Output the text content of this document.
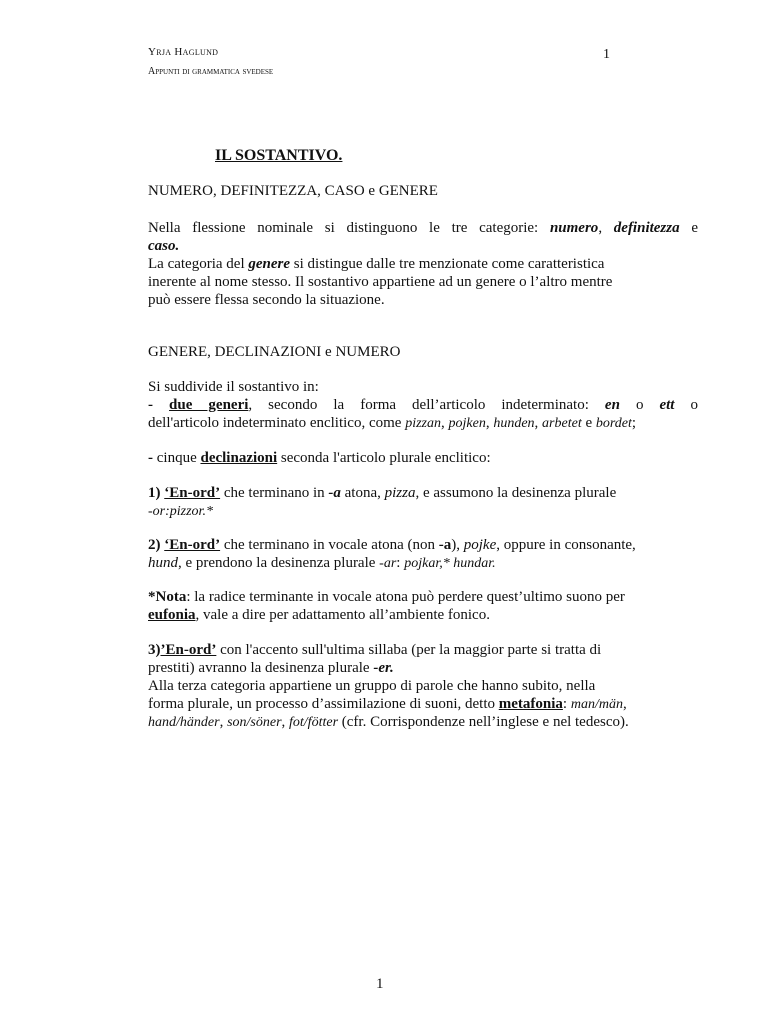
Yrja Haglund
Appunti di grammatica svedese
1
IL SOSTANTIVO.

NUMERO, DEFINITEZZA, CASO e GENERE

Nella flessione nominale si distinguono le tre categorie: numero, definitezza e

caso.

La categoria del genere si distingue dalle tre menzionate come caratteristica

inerente al nome stesso. Il sostantivo appartiene ad un genere o l’altro mentre

può essere flessa secondo la situazione.

GENERE, DECLINAZIONI e NUMERO

Si suddivide il sostantivo in:

- due generi, secondo la forma dell’articolo indeterminato: en o ett o

dell'articolo indeterminato enclitico, come pizzan, pojken, hunden, arbetet e bordet;

- cinque declinazioni seconda l'articolo plurale enclitico:

1) ‘En-ord’ che terminano in -a atona, pizza, e assumono la desinenza plurale

-or:pizzor.*

2) ‘En-ord’ che terminano in vocale atona (non -a), pojke, oppure in consonante,

hund, e prendono la desinenza plurale -ar: pojkar,* hundar.

*Nota: la radice terminante in vocale atona può perdere quest’ultimo suono per

eufonia, vale a dire per adattamento all’ambiente fonico.

3)’En-ord’ con l'accento sull'ultima sillaba (per la maggior parte si tratta di

prestiti) avranno la desinenza plurale -er.

Alla terza categoria appartiene un gruppo di parole che hanno subito, nella

forma plurale, un processo d’assimilazione di suoni, detto metafonia: man/män,

hand/händer, son/söner, fot/fötter (cfr. Corrispondenze nell’inglese e nel tedesco).

1
